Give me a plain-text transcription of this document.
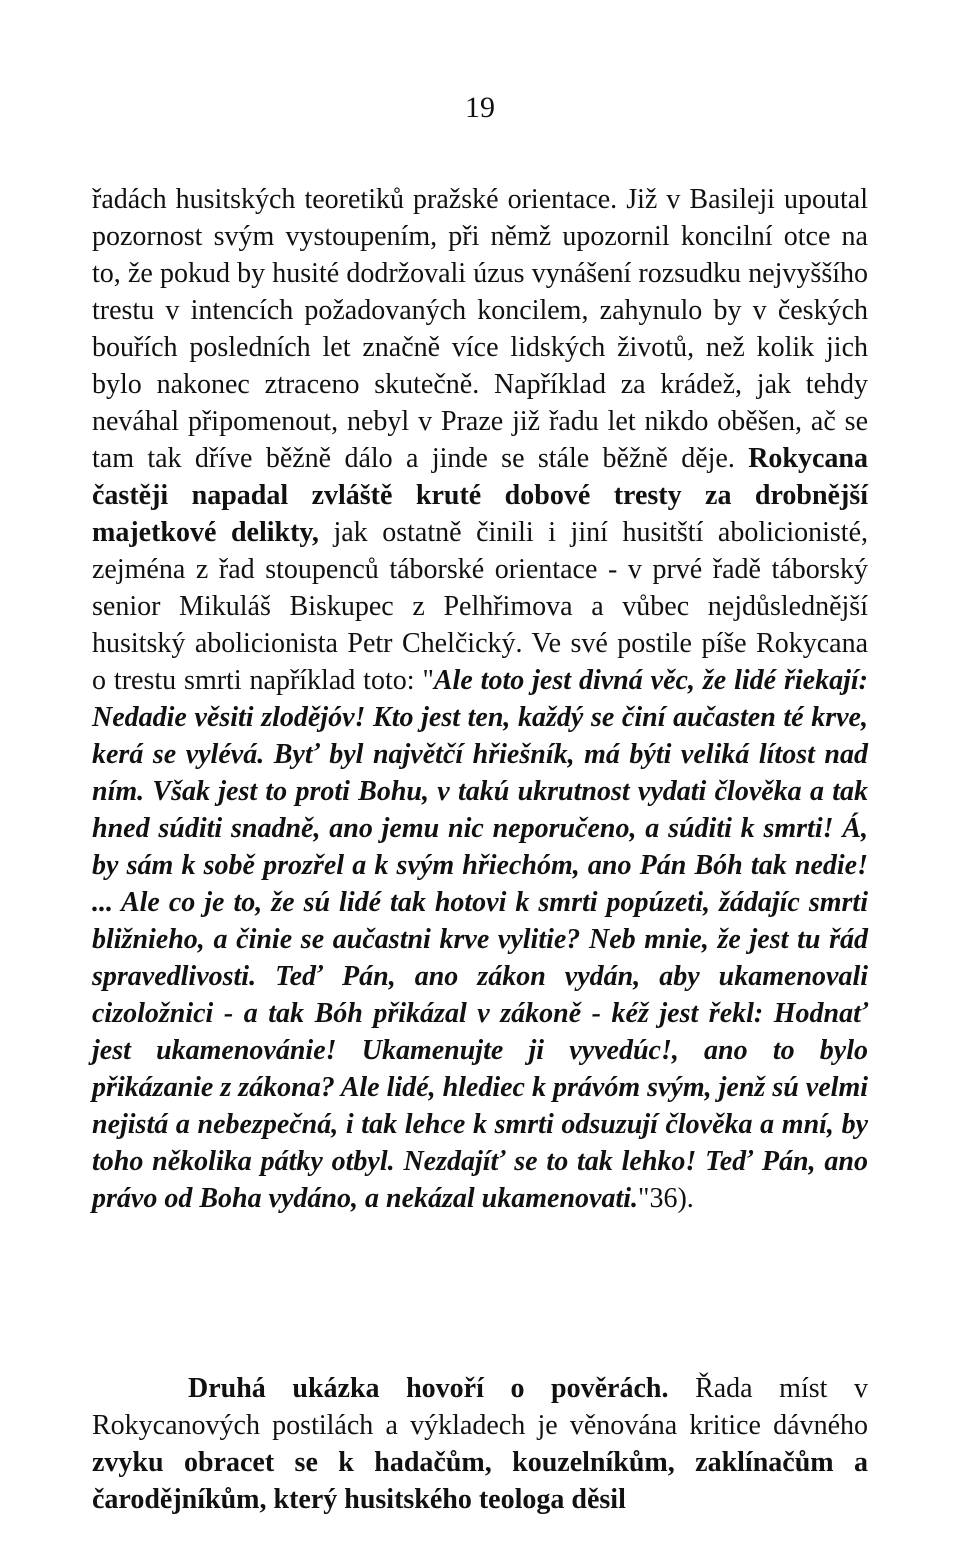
19

řadách husitských teoretiků pražské orientace. Již v Basileji upoutal pozornost svým vystoupením, při němž upozornil koncilní otce na to, že pokud by husité dodržovali úzus vynášení rozsudku nejvyššího trestu v intencích požadovaných koncilem, zahynulo by v českých bouřích posledních let značně více lidských životů, než kolik jich bylo nakonec ztraceno skutečně. Například za krádež, jak tehdy neváhal připomenout, nebyl v Praze již řadu let nikdo oběšen, ač se tam tak dříve běžně dálo a jinde se stále běžně děje. Rokycana častěji napadal zvláště kruté dobové tresty za drobnější majetkové delikty, jak ostatně činili i jiní husitští abolicionisté, zejména z řad stoupenců táborské orientace - v prvé řadě táborský senior Mikuláš Biskupec z Pelhřimova a vůbec nejdůslednější husitský abolicionista Petr Chelčický. Ve své postile píše Rokycana o trestu smrti například toto: "Ale toto jest divná věc, že lidé řiekají: Nedadie věsiti zlodějóv! Kto jest ten, každý se činí aučasten té krve, kerá se vylévá. Byť byl najvětčí hřiešník, má býti veliká lítost nad ním. Však jest to proti Bohu, v takú ukrutnost vydati člověka a tak hned súditi snadně, ano jemu nic neporučeno, a súditi k smrti! Á, by sám k sobě prozřel a k svým hřiechóm, ano Pán Bóh tak nedie! ... Ale co je to, že sú lidé tak hotovi k smrti popúzeti, žádajíc smrti bližnieho, a činie se aučastni krve vylitie? Neb mnie, že jest tu řád spravedlivosti. Teď Pán, ano zákon vydán, aby ukamenovali cizoložnici - a tak Bóh přikázal v zákoně - kéž jest řekl: Hodnať jest ukamenovánie! Ukamenujte ji vyvedúc!, ano to bylo přikázanie z zákona? Ale lidé, hlediec k právóm svým, jenž sú velmi nejistá a nebezpečná, i tak lehce k smrti odsuzují člověka a mní, by toho několika pátky otbyl. Nezdajíť se to tak lehko! Teď Pán, ano právo od Boha vydáno, a nekázal ukamenovati."36).

Druhá ukázka hovoří o pověrách. Řada míst v Rokycanových postilách a výkladech je věnována kritice dávného zvyku obracet se k hadačům, kouzelníkům, zaklínačům a čarodějníkům, který husitského teologa děsil
